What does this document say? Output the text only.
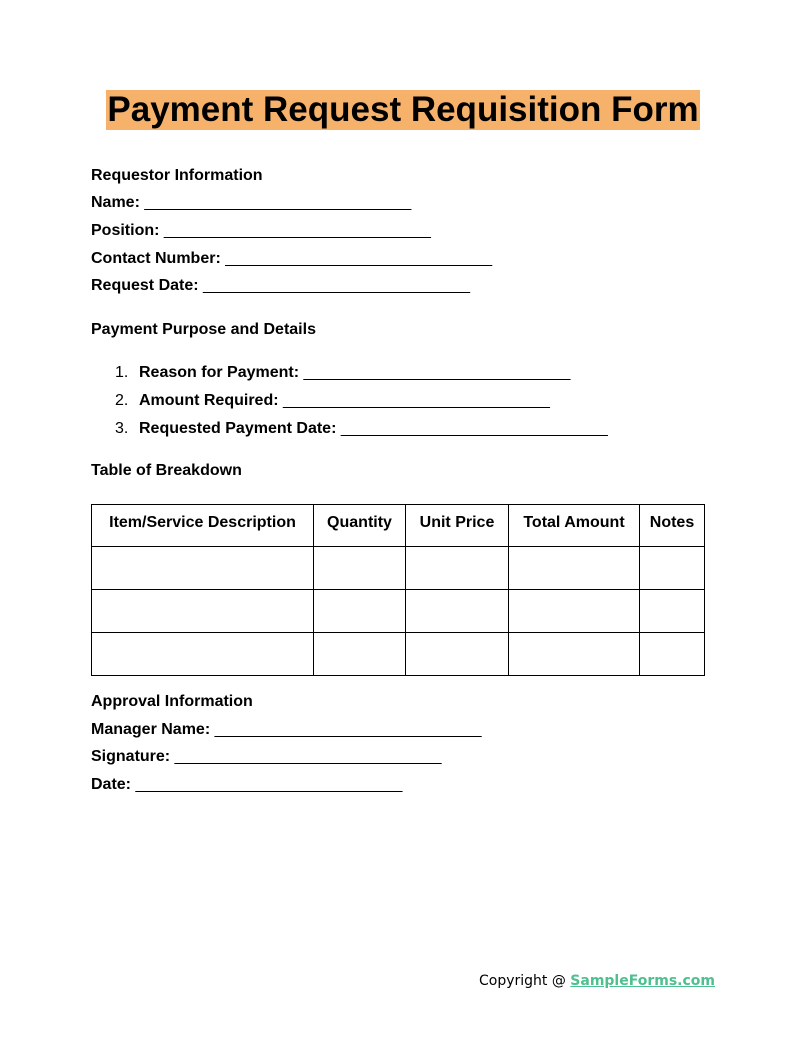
Payment Request Requisition Form
Requestor Information
Name: ______________________________
Position: ______________________________
Contact Number: ______________________________
Request Date: ______________________________
Payment Purpose and Details
1. Reason for Payment: ______________________________
2. Amount Required: ______________________________
3. Requested Payment Date: ______________________________
Table of Breakdown
Item/Service Description	Quantity	Unit Price	Total Amount	Notes

Approval Information
Manager Name: ______________________________
Signature: ______________________________
Date: ______________________________
Copyright @ SampleForms.com
